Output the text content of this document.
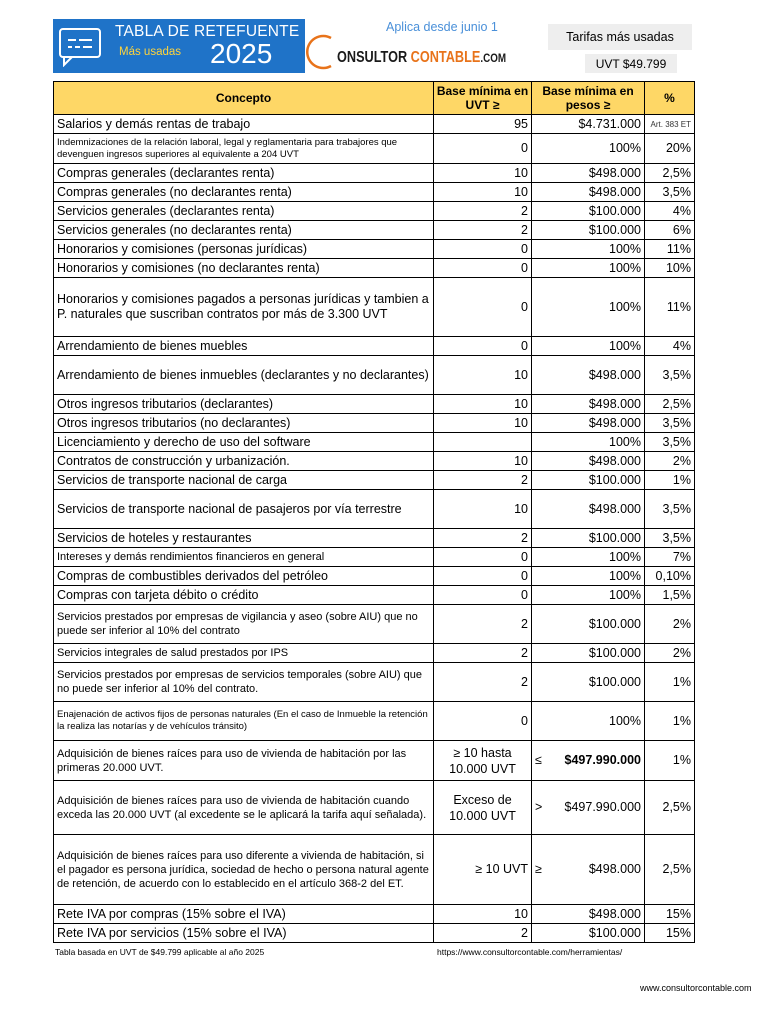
TABLA DE RETEFUENTE
Más usadas 2025
Aplica desde junio 1
ONSULTOR CONTABLE.COM
Tarifas más usadas
UVT $49.799
Concepto	Base mínima en UVT ≥	Base mínima en pesos ≥	%
Salarios y demás rentas de trabajo	95	$4.731.000	Art. 383 ET

Indemnizaciones de la relación laboral, legal y reglamentaria para trabajores que devenguen ingresos superiores al equivalente a 204 UVT	0	100%	20%
Compras generales (declarantes renta)	10	$498.000	2,5%
Compras generales (no declarantes renta)	10	$498.000	3,5%
Servicios generales (declarantes renta)	2	$100.000	4%
Servicios generales (no declarantes renta)	2	$100.000	6%
Honorarios y comisiones (personas jurídicas)	0	100%	11%
Honorarios y comisiones (no declarantes renta)	0	100%	10%
Honorarios y comisiones pagados a personas jurídicas y tambien a P. naturales que suscriban contratos por más de 3.300 UVT	0	100%	11%
Arrendamiento de bienes muebles	0	100%	4%
Arrendamiento de bienes inmuebles (declarantes y no declarantes)	10	$498.000	3,5%
Otros ingresos tributarios (declarantes)	10	$498.000	2,5%
Otros ingresos tributarios (no declarantes)	10	$498.000	3,5%
Licenciamiento y derecho de uso del software		100%	3,5%
Contratos de construcción y urbanización.	10	$498.000	2%
Servicios de transporte nacional de carga	2	$100.000	1%
Servicios de transporte nacional de pasajeros por vía terrestre	10	$498.000	3,5%
Servicios de hoteles y restaurantes	2	$100.000	3,5%
Intereses y demás rendimientos financieros en general	0	100%	7%
Compras de combustibles derivados del petróleo	0	100%	0,10%
Compras con tarjeta débito o crédito	0	100%	1,5%
Servicios prestados por empresas de vigilancia y aseo (sobre AIU) que no puede ser inferior al 10% del contrato	2	$100.000	2%
Servicios integrales de salud prestados por IPS	2	$100.000	2%
Servicios prestados por empresas de servicios temporales (sobre AIU) que no puede ser inferior al 10% del contrato.	2	$100.000	1%
Enajenación de activos fijos de personas naturales (En el caso de Inmueble la retención la realiza las notarías y de vehículos tránsito)	0	100%	1%
Adquisición de bienes raíces para uso de vivienda de habitación por las primeras 20.000 UVT.	≥ 10 hasta 10.000 UVT	≤ $497.990.000	1%
Adquisición de bienes raíces para uso de vivienda de habitación cuando exceda las 20.000 UVT (al excedente se le aplicará la tarifa aquí señalada).	Exceso de 10.000 UVT	> $497.990.000	2,5%
Adquisición de bienes raíces para uso diferente a vivienda de habitación, si el pagador es persona jurídica, sociedad de hecho o persona natural agente de retención, de acuerdo con lo establecido en el artículo 368-2 del ET.	≥ 10 UVT	≥ $498.000	2,5%
Rete IVA por compras (15% sobre el IVA)	10	$498.000	15%
Rete IVA por servicios (15% sobre el IVA)	2	$100.000	15%
Tabla basada en UVT de $49.799 aplicable al año 2025	https://www.consultorcontable.com/herramientas/
www.consultorcontable.com
